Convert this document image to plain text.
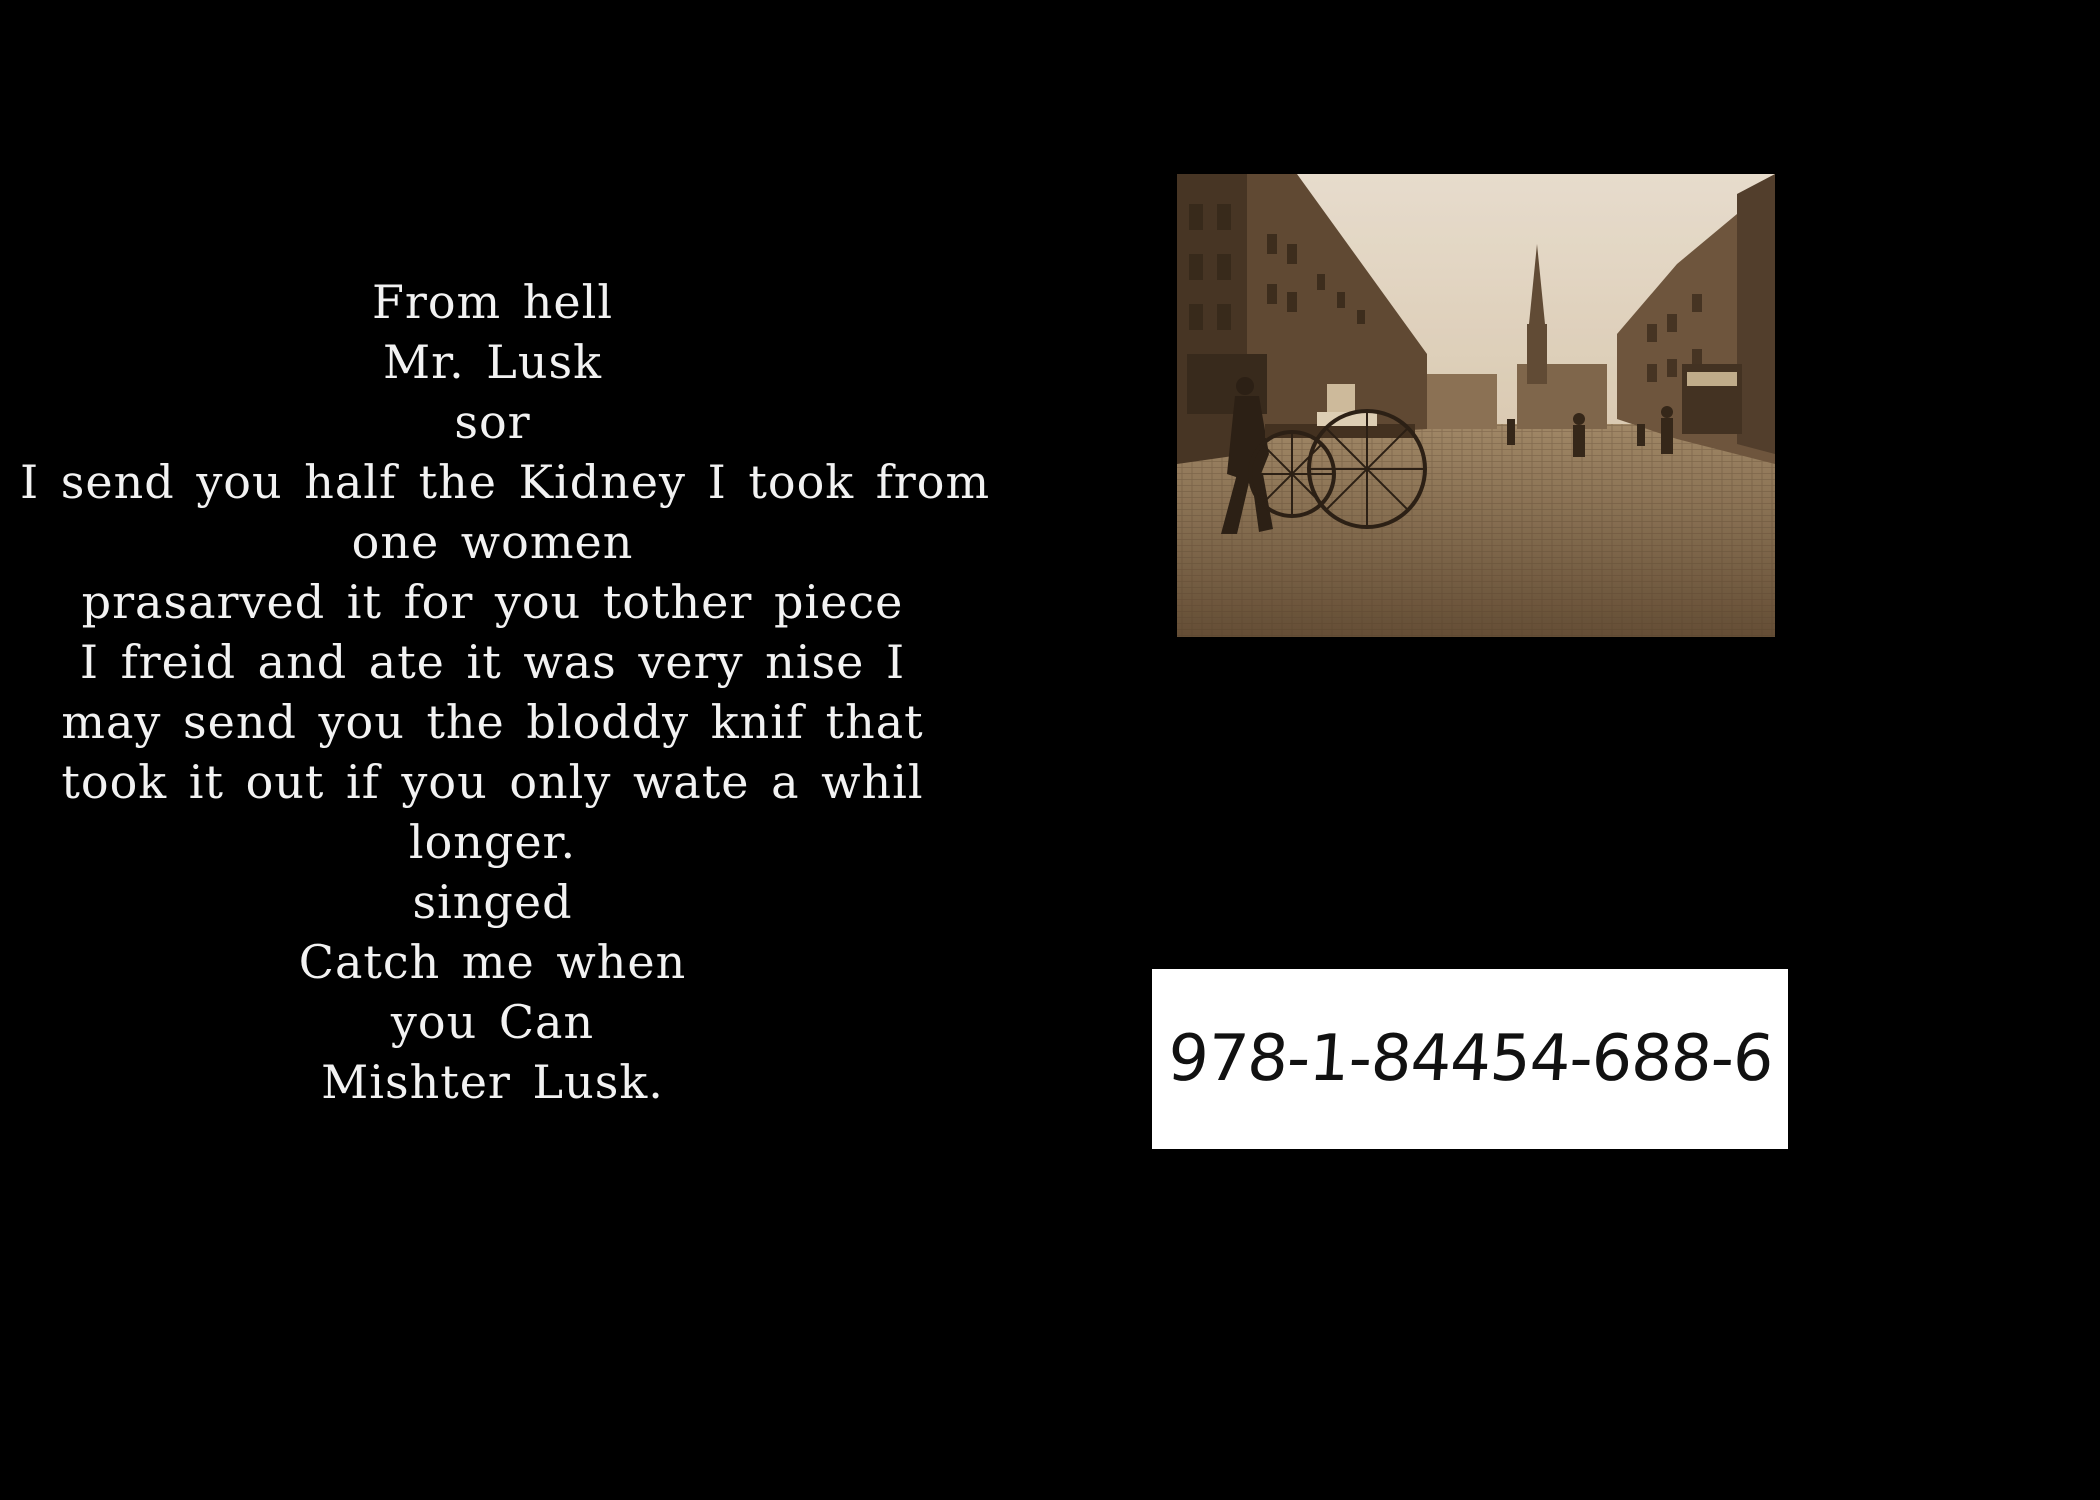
From hell
Mr. Lusk
sor
I send you half the Kidney I took from
one women
prasarved it for you tother piece
I freid and ate it was very nise I
may send you the bloddy knif that
took it out if you only wate a whil
longer.
singed
Catch me when
you Can
Mishter Lusk.	978-1-84454-688-6
